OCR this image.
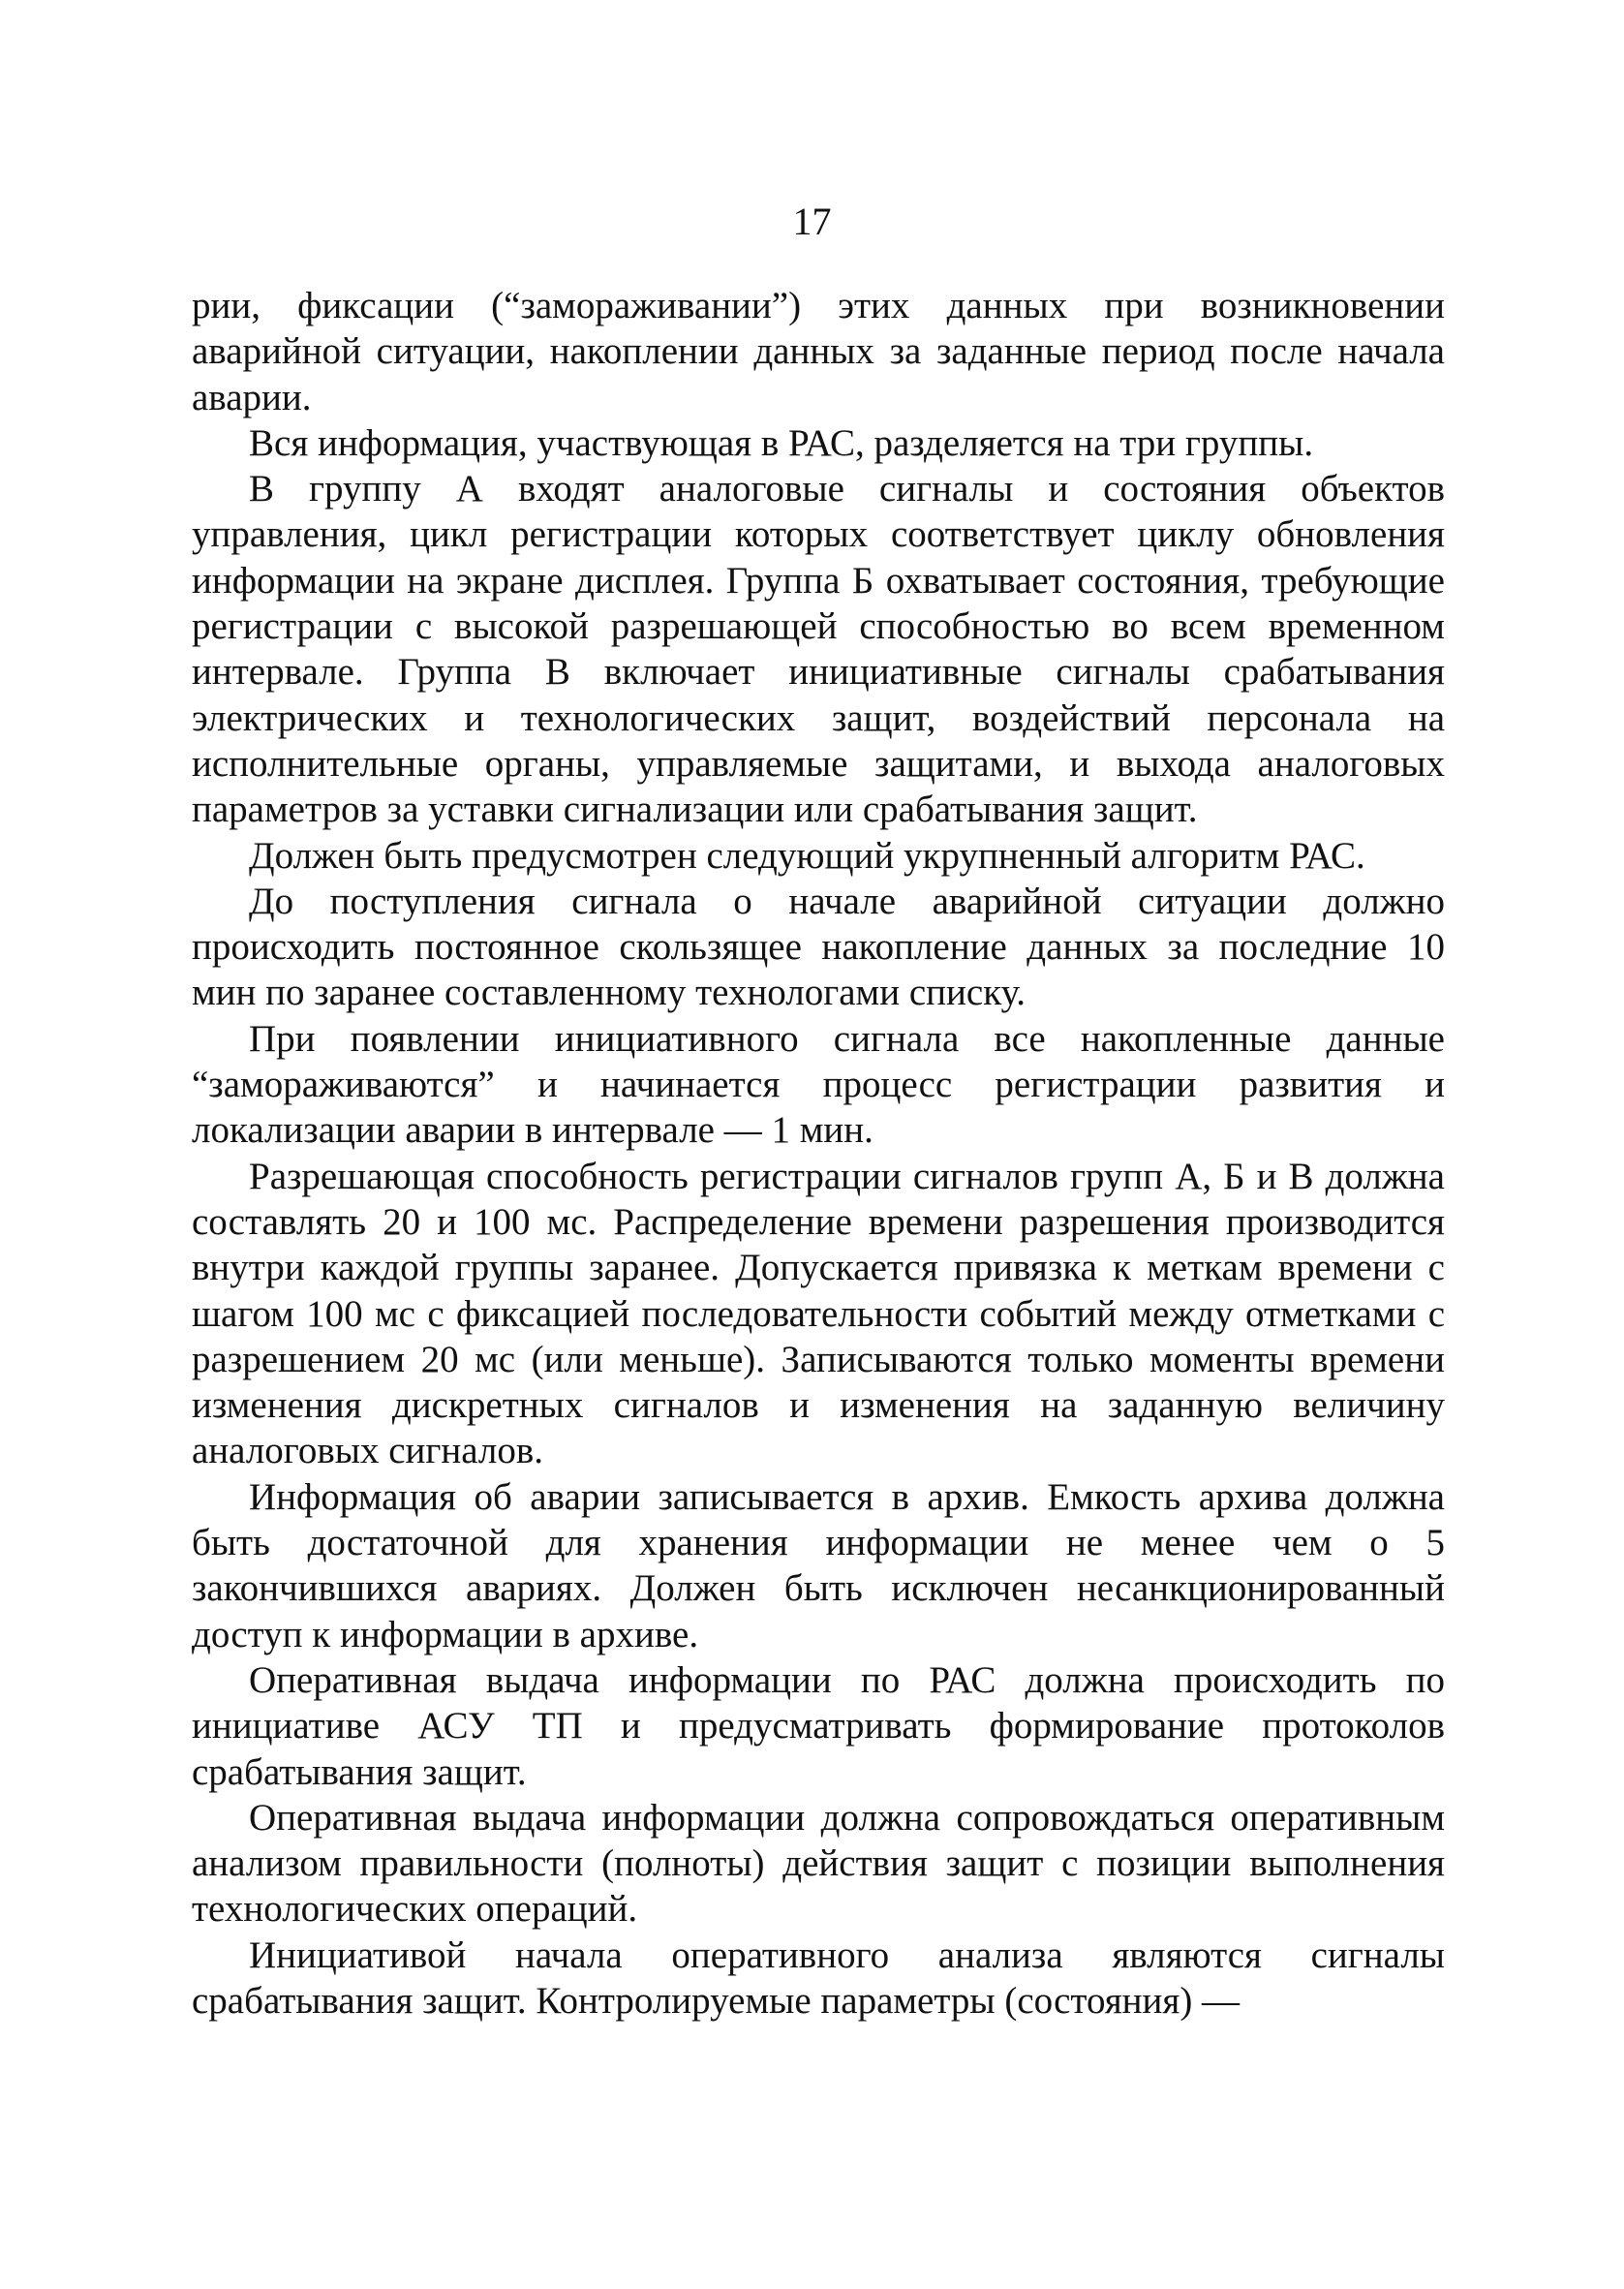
17

рии, фиксации (“замораживании”) этих данных при возникновении аварийной ситуации, накоплении данных за заданные период после начала аварии.

Вся информация, участвующая в РАС, разделяется на три группы.

В группу А входят аналоговые сигналы и состояния объектов управления, цикл регистрации которых соответствует циклу обновления информации на экране дисплея. Группа Б охватывает состояния, требующие регистрации с высокой разрешающей способностью во всем временном интервале. Группа В включает инициативные сигналы срабатывания электрических и технологических защит, воздействий персонала на исполнительные органы, управляемые защитами, и выхода аналоговых параметров за уставки сигнализации или срабатывания защит.

Должен быть предусмотрен следующий укрупненный алгоритм РАС.

До поступления сигнала о начале аварийной ситуации должно происходить постоянное скользящее накопление данных за последние 10 мин по заранее составленному технологами списку.

При появлении инициативного сигнала все накопленные данные “замораживаются” и начинается процесс регистрации развития и локализации аварии в интервале — 1 мин.

Разрешающая способность регистрации сигналов групп А, Б и В должна составлять 20 и 100 мс. Распределение времени разрешения производится внутри каждой группы заранее. Допускается привязка к меткам времени с шагом 100 мс с фиксацией последовательности событий между отметками с разрешением 20 мс (или меньше). Записываются только моменты времени изменения дискретных сигналов и изменения на заданную величину аналоговых сигналов.

Информация об аварии записывается в архив. Емкость архива должна быть достаточной для хранения информации не менее чем о 5 закончившихся авариях. Должен быть исключен несанкционированный доступ к информации в архиве.

Оперативная выдача информации по РАС должна происходить по инициативе АСУ ТП и предусматривать формирование протоколов срабатывания защит.

Оперативная выдача информации должна сопровождаться оперативным анализом правильности (полноты) действия защит с позиции выполнения технологических операций.

Инициативой начала оперативного анализа являются сигналы срабатывания защит. Контролируемые параметры (состояния) —
